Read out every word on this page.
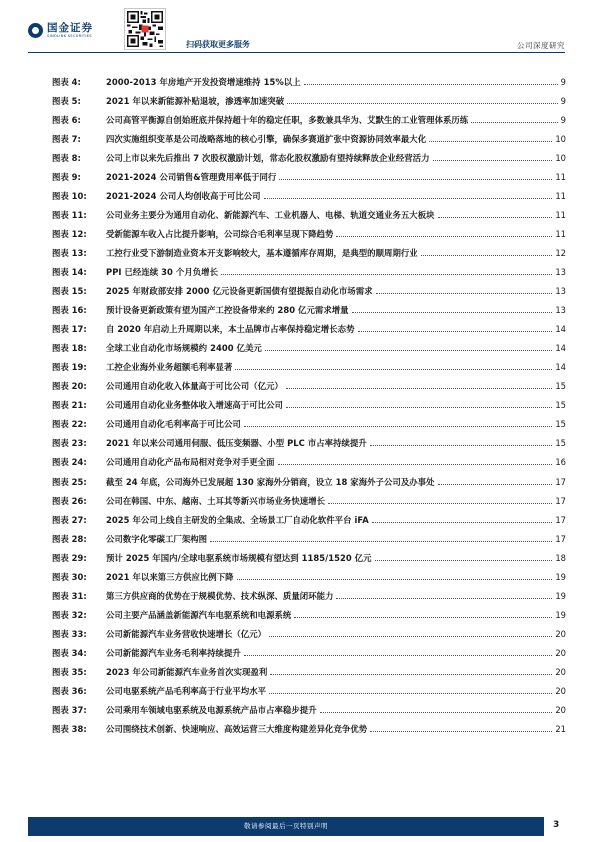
国金证券
SINOLINK SECURITIES
扫码获取更多服务	公司深度研究
图表 4:	2000-2013 年房地产开发投资增速维持 15%以上	9
图表 5:	2021 年以来新能源补贴退坡，渗透率加速突破	9
图表 6:	公司高管平衡源自创始班底并保持超十年的稳定任职，多数兼具华为、艾默生的工业管理体系历练	9
图表 7:	四次实施组织变革是公司战略落地的核心引擎，确保多赛道扩张中资源协同效率最大化	10
图表 8:	公司上市以来先后推出 7 次股权激励计划，常态化股权激励有望持续释放企业经营活力	10
图表 9:	2021-2024 公司销售&管理费用率低于同行	11
图表 10:	2021-2024 公司人均创收高于可比公司	11
图表 11:	公司业务主要分为通用自动化、新能源汽车、工业机器人、电梯、轨道交通业务五大板块	11
图表 12:	受新能源车收入占比提升影响，公司综合毛利率呈现下降趋势	11
图表 13:	工控行业受下游制造业资本开支影响较大，基本遵循库存周期，是典型的顺周期行业	12
图表 14:	PPI 已经连续 30 个月负增长	13
图表 15:	2025 年财政部安排 2000 亿元设备更新国债有望提振自动化市场需求	13
图表 16:	预计设备更新政策有望为国产工控设备带来约 280 亿元需求增量	13
图表 17:	自 2020 年启动上升周期以来，本土品牌市占率保持稳定增长态势	14
图表 18:	全球工业自动化市场规模约 2400 亿美元	14
图表 19:	工控企业海外业务超额毛利率显著	14
图表 20:	公司通用自动化收入体量高于可比公司（亿元）	15
图表 21:	公司通用自动化业务整体收入增速高于可比公司	15
图表 22:	公司通用自动化毛利率高于可比公司	15
图表 23:	2021 年以来公司通用伺服、低压变频器、小型 PLC 市占率持续提升	15
图表 24:	公司通用自动化产品布局相对竞争对手更全面	16
图表 25:	截至 24 年底，公司海外已发展超 130 家海外分销商，设立 18 家海外子公司及办事处	17
图表 26:	公司在韩国、中东、越南、土耳其等新兴市场业务快速增长	17
图表 27:	2025 年公司上线自主研发的全集成、全场景工厂自动化软件平台 iFA	17
图表 28:	公司数字化零碳工厂架构图	17
图表 29:	预计 2025 年国内/全球电驱系统市场规模有望达到 1185/1520 亿元	18
图表 30:	2021 年以来第三方供应比例下降	19
图表 31:	第三方供应商的优势在于规模优势、技术纵深、质量闭环能力	19
图表 32:	公司主要产品涵盖新能源汽车电驱系统和电源系统	19
图表 33:	公司新能源汽车业务营收快速增长（亿元）	20
图表 34:	公司新能源汽车业务毛利率持续提升	20
图表 35:	2023 年公司新能源汽车业务首次实现盈利	20
图表 36:	公司电驱系统产品毛利率高于行业平均水平	20
图表 37:	公司乘用车领域电驱系统及电源系统产品市占率稳步提升	20
图表 38:	公司围绕技术创新、快速响应、高效运营三大维度构建差异化竞争优势	21
敬请参阅最后一页特别声明	3
